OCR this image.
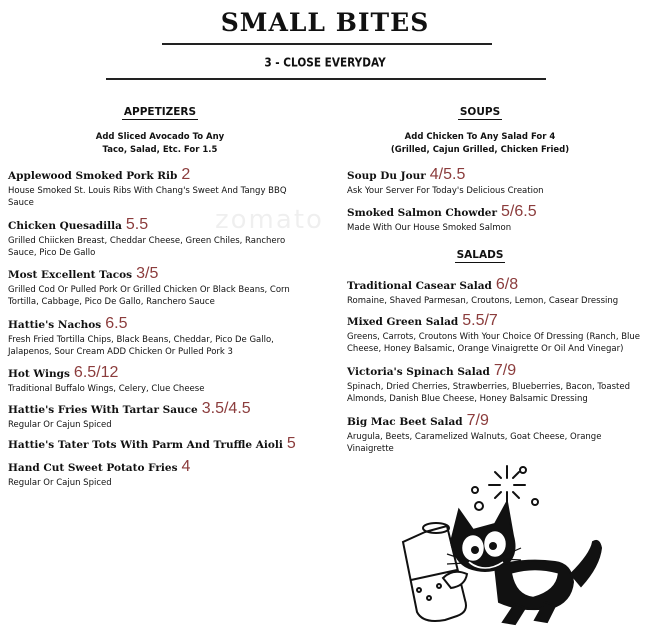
SMALL BITES
3 - CLOSE EVERYDAY
zomato
APPETIZERS
Add Sliced Avocado To Any
Taco, Salad, Etc. For 1.5
SOUPS
Add Chicken To Any Salad For 4
(Grilled, Cajun Grilled, Chicken Fried)
SALADS
Applewood Smoked Pork Rib 2
House Smoked St. Louis Ribs With Chang's Sweet And Tangy BBQ
Sauce
Chicken Quesadilla 5.5
Grilled Chiicken Breast, Cheddar Cheese, Green Chiles, Ranchero
Sauce, Pico De Gallo
Most Excellent Tacos 3/5
Grilled Cod Or Pulled Pork Or Grilled Chicken Or Black Beans, Corn
Tortilla, Cabbage, Pico De Gallo, Ranchero Sauce
Hattie's Nachos 6.5
Fresh Fried Tortilla Chips, Black Beans, Cheddar, Pico De Gallo,
Jalapenos, Sour Cream ADD Chicken Or Pulled Pork 3
Hot Wings 6.5/12
Traditional Buffalo Wings, Celery, Clue Cheese
Hattie's Fries With Tartar Sauce 3.5/4.5
Regular Or Cajun Spiced
Hattie's Tater Tots With Parm And Truffle Aioli 5
Hand Cut Sweet Potato Fries 4
Regular Or Cajun Spiced
Soup Du Jour 4/5.5
Ask Your Server For Today's Delicious Creation
Smoked Salmon Chowder 5/6.5
Made With Our House Smoked Salmon
Traditional Casear Salad 6/8
Romaine, Shaved Parmesan, Croutons, Lemon, Casear Dressing
Mixed Green Salad 5.5/7
Greens, Carrots, Croutons With Your Choice Of Dressing (Ranch, Blue
Cheese, Honey Balsamic, Orange Vinaigrette Or Oil And Vinegar)
Victoria's Spinach Salad 7/9
Spinach, Dried Cherries, Strawberries, Blueberries, Bacon, Toasted
Almonds, Danish Blue Cheese, Honey Balsamic Dressing
Big Mac Beet Salad 7/9
Arugula, Beets, Caramelized Walnuts, Goat Cheese, Orange
Vinaigrette
